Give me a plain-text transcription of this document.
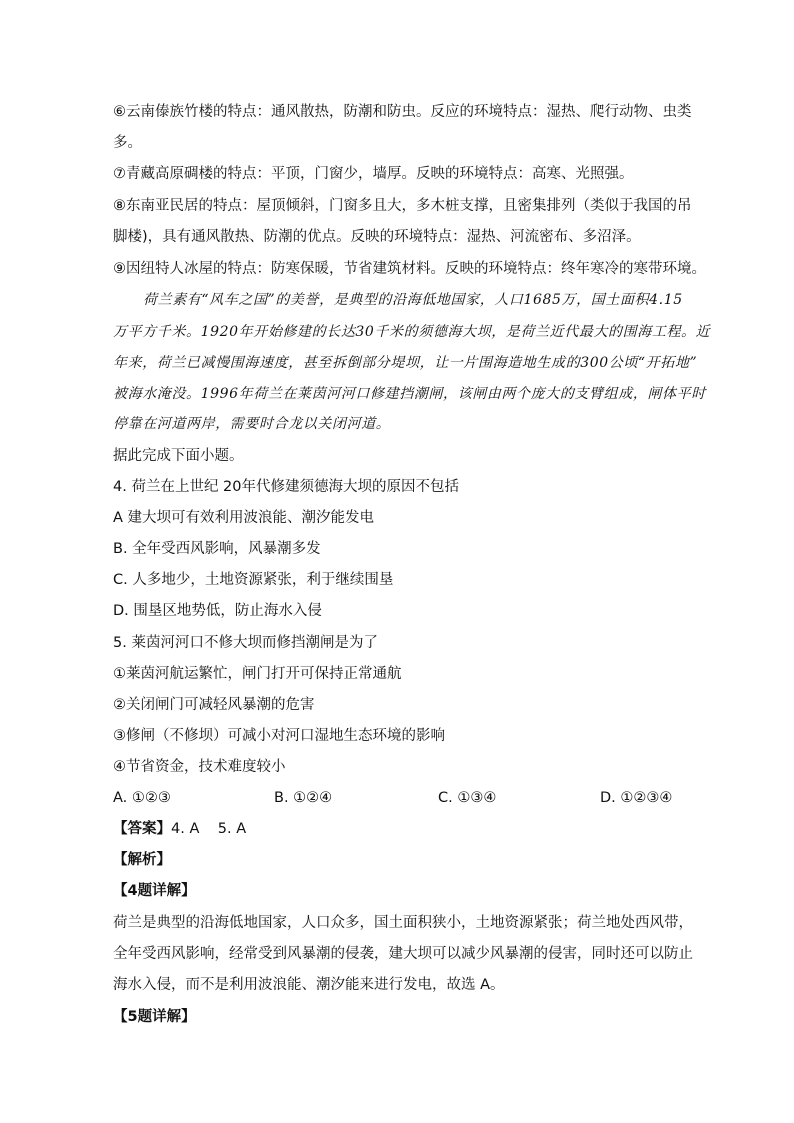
⑥云南傣族竹楼的特点：通风散热，防潮和防虫。反应的环境特点：湿热、爬行动物、虫类
多。
⑦青藏高原碉楼的特点：平顶，门窗少，墙厚。反映的环境特点：高寒、光照强。
⑧东南亚民居的特点：屋顶倾斜，门窗多且大，多木桩支撑，且密集排列（类似于我国的吊
脚楼)，具有通风散热、防潮的优点。反映的环境特点：湿热、河流密布、多沼泽。
⑨因纽特人冰屋的特点：防寒保暖，节省建筑材料。反映的环境特点：终年寒冷的寒带环境。
荷兰素有“风车之国”的美誉，是典型的沿海低地国家，人口1685万，国土面积4.15
万平方千米。1920年开始修建的长达30千米的须德海大坝，是荷兰近代最大的围海工程。近
年来，荷兰已减慢围海速度，甚至拆倒部分堤坝，让一片围海造地生成的300公顷“开拓地”
被海水淹没。1996年荷兰在莱茵河河口修建挡潮闸，该闸由两个庞大的支臂组成，闸体平时
停靠在河道两岸，需要时合龙以关闭河道。
据此完成下面小题。
4. 荷兰在上世纪 20年代修建须德海大坝的原因不包括
A 建大坝可有效利用波浪能、潮汐能发电
B. 全年受西风影响，风暴潮多发
C. 人多地少，土地资源紧张，利于继续围垦
D. 围垦区地势低，防止海水入侵
5. 莱茵河河口不修大坝而修挡潮闸是为了
①莱茵河航运繁忙，闸门打开可保持正常通航
②关闭闸门可减轻风暴潮的危害
③修闸（不修坝）可减小对河口湿地生态环境的影响
④节省资金，技术难度较小
A. ①②③	B. ①②④	C. ①③④	D. ①②③④
【答案】4. A    5. A
【解析】
【4题详解】
荷兰是典型的沿海低地国家，人口众多，国土面积狭小，土地资源紧张；荷兰地处西风带，
全年受西风影响，经常受到风暴潮的侵袭，建大坝可以减少风暴潮的侵害，同时还可以防止
海水入侵，而不是利用波浪能、潮汐能来进行发电，故选 A。
【5题详解】
